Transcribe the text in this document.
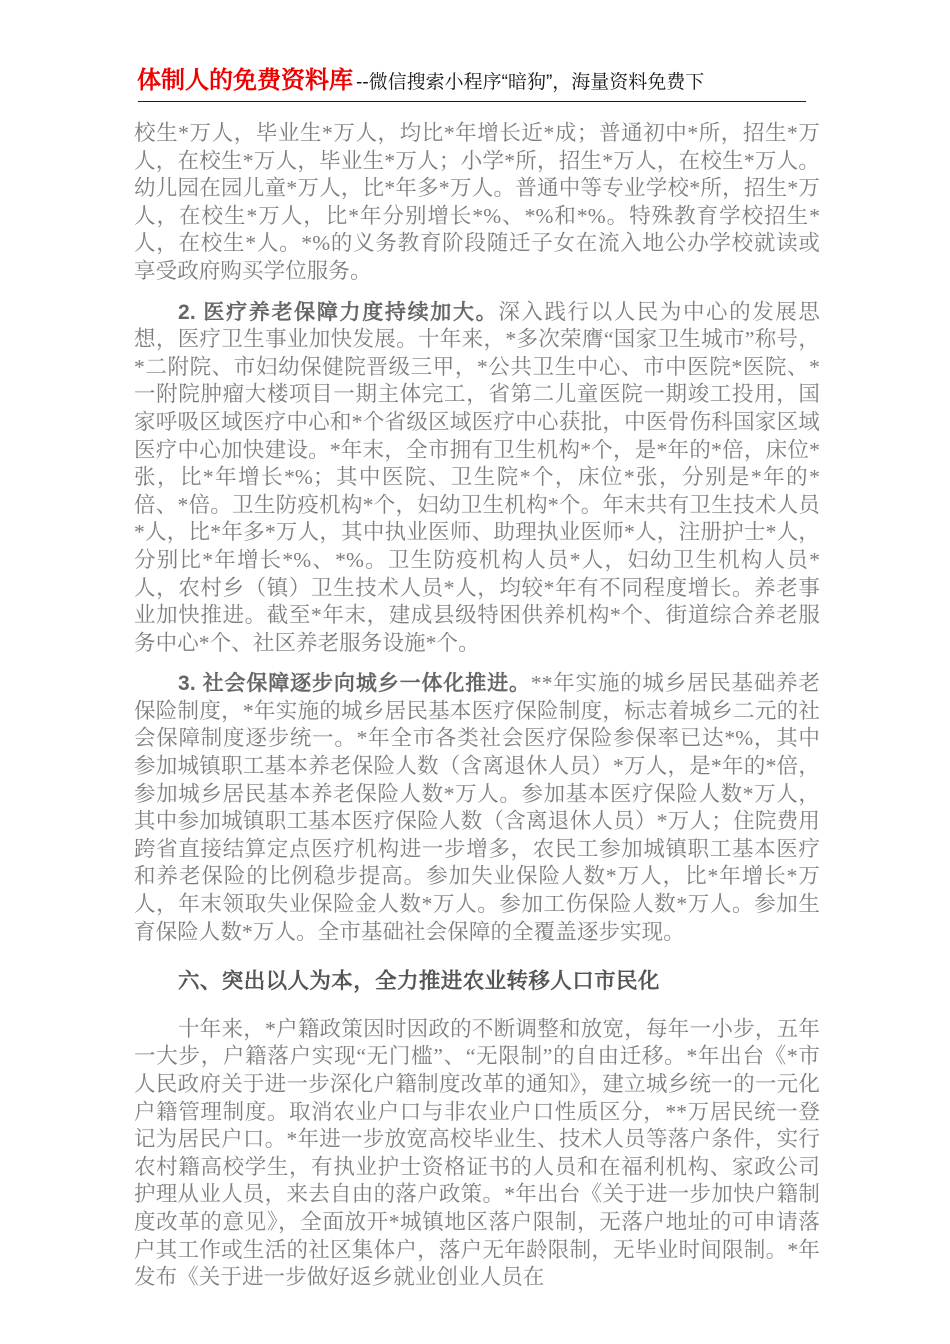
体制人的免费资料库 --微信搜索小程序“暗狗”，海量资料免费下

校生*万人，毕业生*万人，均比*年增长近*成；普通初中*所，招生*万人，在校生*万人，毕业生*万人；小学*所，招生*万人，在校生*万人。幼儿园在园儿童*万人，比*年多*万人。普通中等专业学校*所，招生*万人，在校生*万人，比*年分别增长*%、*%和*%。特殊教育学校招生*人，在校生*人。*%的义务教育阶段随迁子女在流入地公办学校就读或享受政府购买学位服务。

2. 医疗养老保障力度持续加大。深入践行以人民为中心的发展思想，医疗卫生事业加快发展。十年来，*多次荣膺“国家卫生城市”称号，*二附院、市妇幼保健院晋级三甲，*公共卫生中心、市中医院*医院、*一附院肿瘤大楼项目一期主体完工，省第二儿童医院一期竣工投用，国家呼吸区域医疗中心和*个省级区域医疗中心获批，中医骨伤科国家区域医疗中心加快建设。*年末，全市拥有卫生机构*个，是*年的*倍，床位*张，比*年增长*%；其中医院、卫生院*个，床位*张，分别是*年的*倍、*倍。卫生防疫机构*个，妇幼卫生机构*个。年末共有卫生技术人员*人，比*年多*万人，其中执业医师、助理执业医师*人，注册护士*人，分别比*年增长*%、*%。卫生防疫机构人员*人，妇幼卫生机构人员*人，农村乡（镇）卫生技术人员*人，均较*年有不同程度增长。养老事业加快推进。截至*年末，建成县级特困供养机构*个、街道综合养老服务中心*个、社区养老服务设施*个。

3. 社会保障逐步向城乡一体化推进。**年实施的城乡居民基础养老保险制度，*年实施的城乡居民基本医疗保险制度，标志着城乡二元的社会保障制度逐步统一。*年全市各类社会医疗保险参保率已达*%，其中参加城镇职工基本养老保险人数（含离退休人员）*万人，是*年的*倍，参加城乡居民基本养老保险人数*万人。参加基本医疗保险人数*万人，其中参加城镇职工基本医疗保险人数（含离退休人员）*万人；住院费用跨省直接结算定点医疗机构进一步增多，农民工参加城镇职工基本医疗和养老保险的比例稳步提高。参加失业保险人数*万人，比*年增长*万人，年末领取失业保险金人数*万人。参加工伤保险人数*万人。参加生育保险人数*万人。全市基础社会保障的全覆盖逐步实现。

六、突出以人为本，全力推进农业转移人口市民化

十年来，*户籍政策因时因政的不断调整和放宽，每年一小步，五年一大步，户籍落户实现“无门槛”、“无限制”的自由迁移。*年出台《*市人民政府关于进一步深化户籍制度改革的通知》，建立城乡统一的一元化户籍管理制度。取消农业户口与非农业户口性质区分，**万居民统一登记为居民户口。*年进一步放宽高校毕业生、技术人员等落户条件，实行农村籍高校学生，有执业护士资格证书的人员和在福利机构、家政公司护理从业人员，来去自由的落户政策。*年出台《关于进一步加快户籍制度改革的意见》，全面放开*城镇地区落户限制，无落户地址的可申请落户其工作或生活的社区集体户，落户无年龄限制，无毕业时间限制。*年发布《关于进一步做好返乡就业创业人员在
